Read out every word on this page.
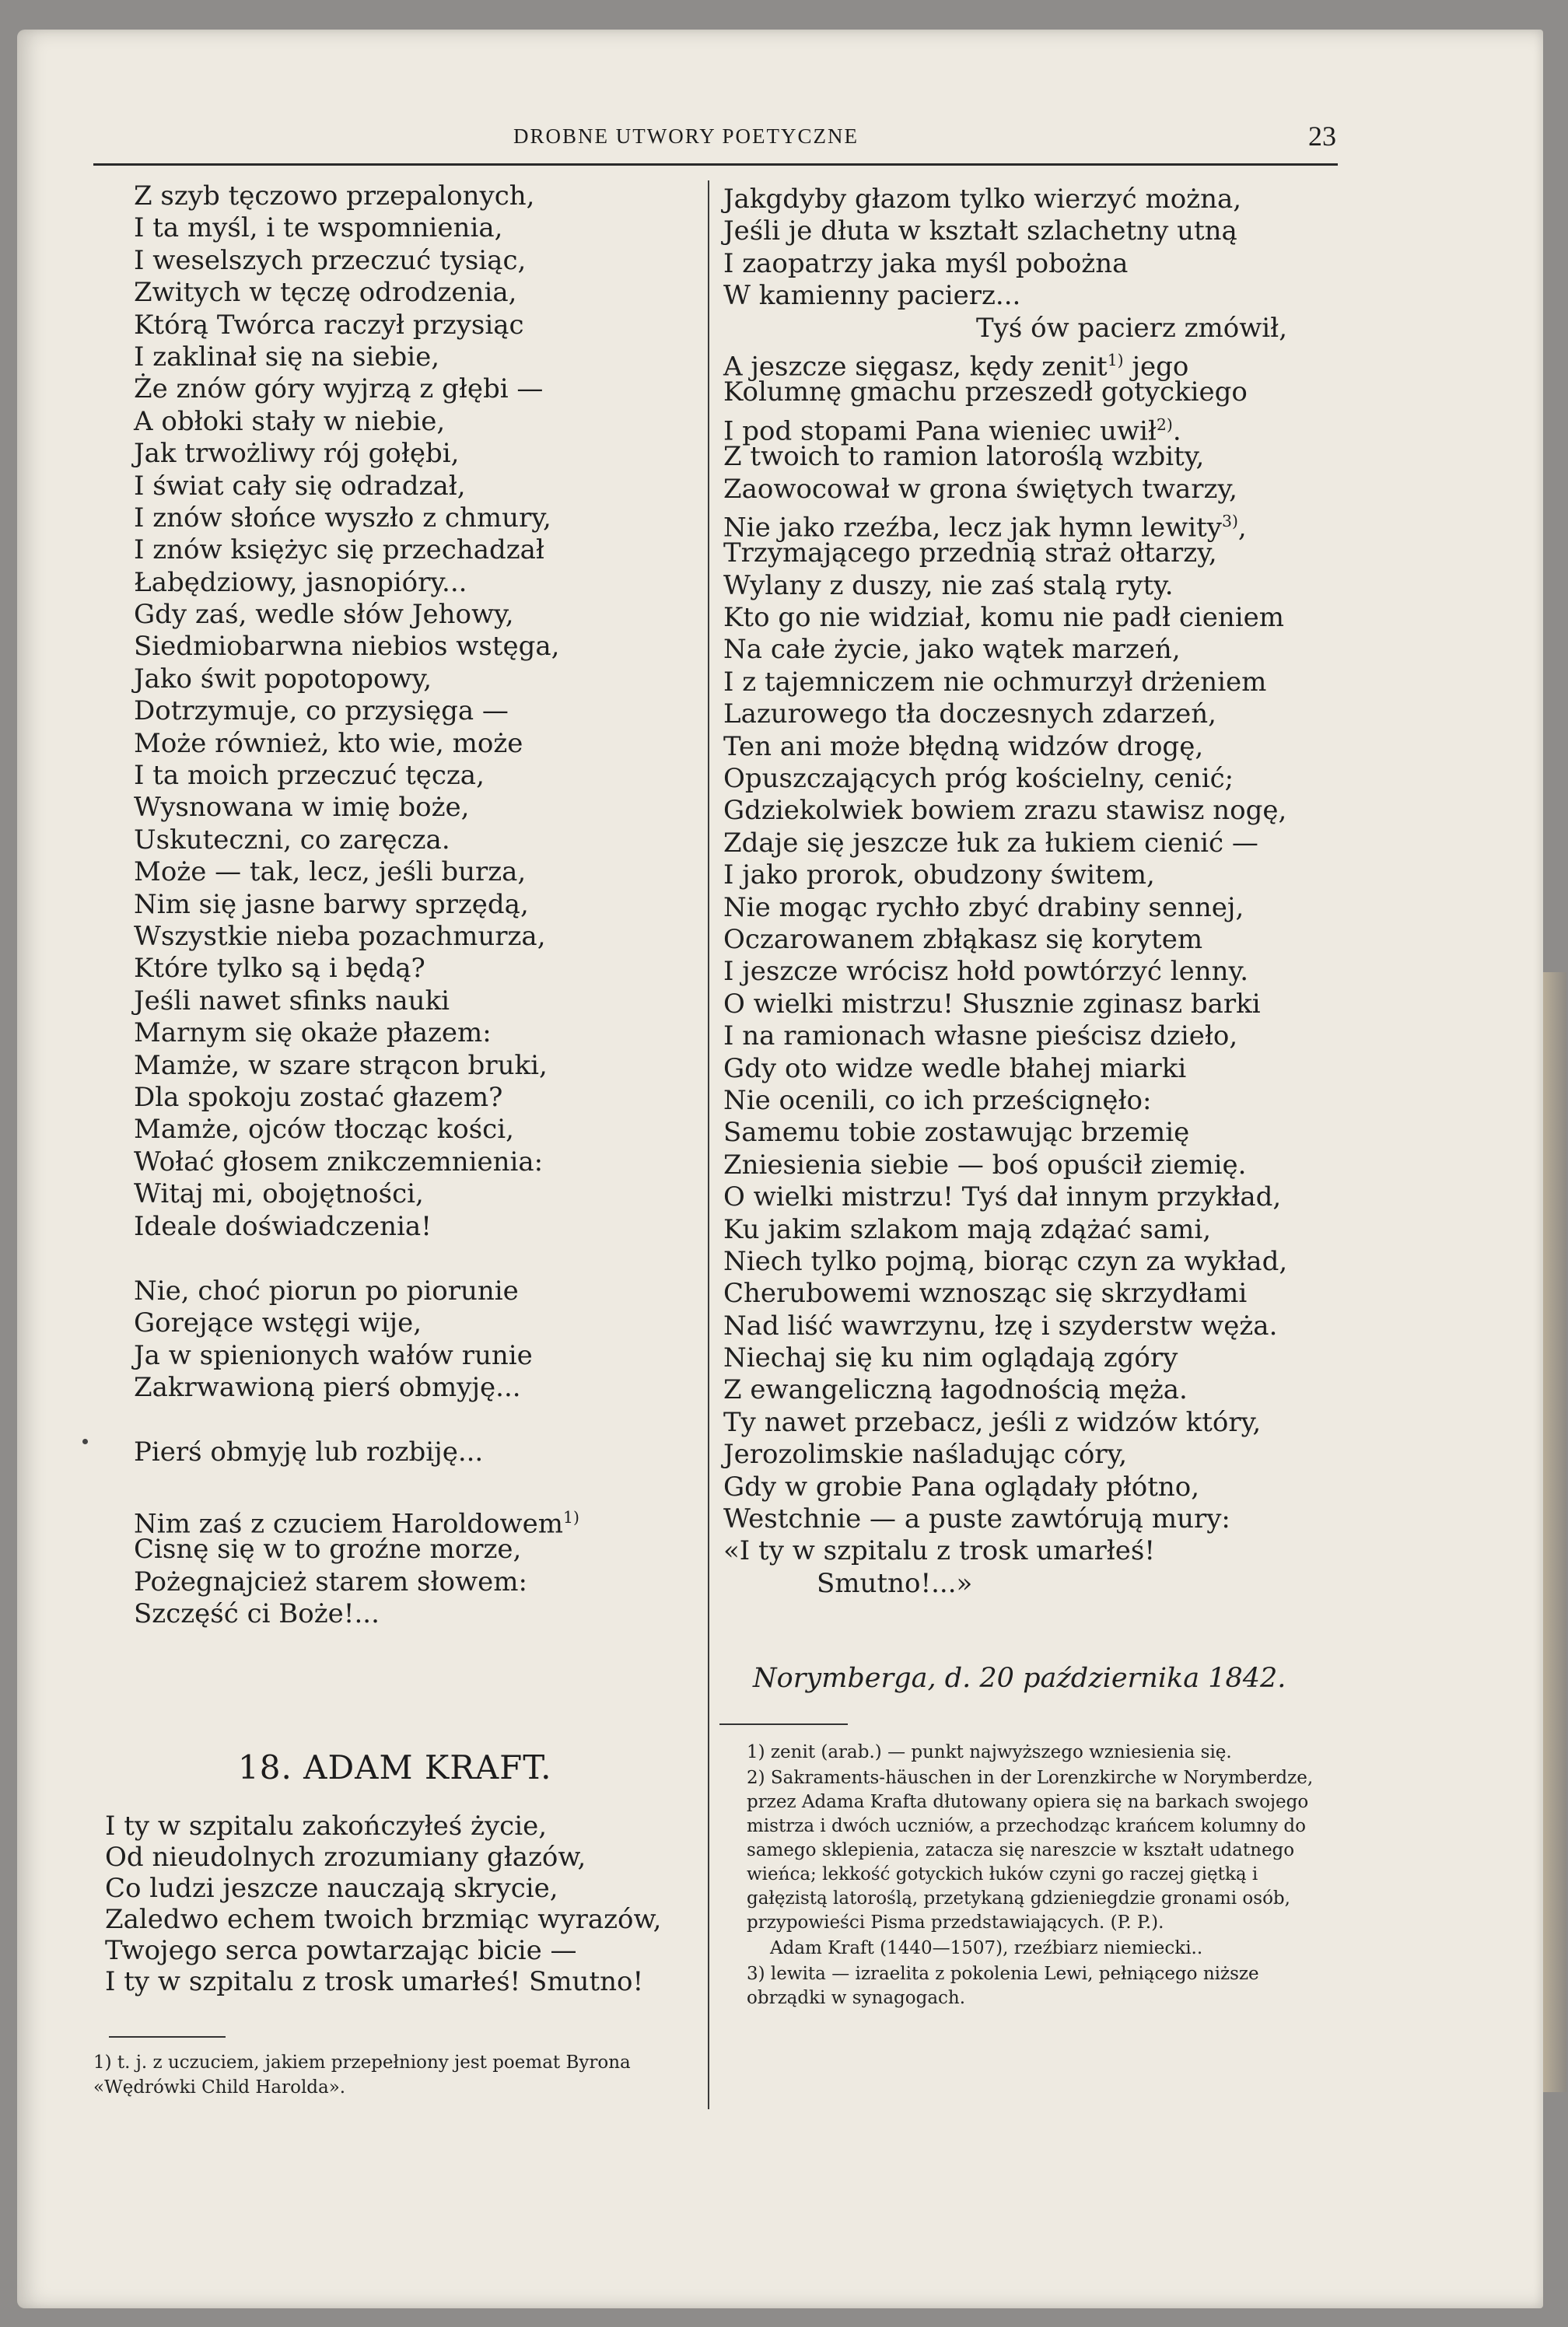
DROBNE UTWORY POETYCZNE	23
Z szyb tęczowo przepalonych,
I ta myśl, i te wspomnienia,
I weselszych przeczuć tysiąc,
Zwitych w tęczę odrodzenia,
Którą Twórca raczył przysiąc
I zaklinał się na siebie,
Że znów góry wyjrzą z głębi —
A obłoki stały w niebie,
Jak trwożliwy rój gołębi,
I świat cały się odradzał,
I znów słońce wyszło z chmury,
I znów księżyc się przechadzał
Łabędziowy, jasnopióry...
Gdy zaś, wedle słów Jehowy,
Siedmiobarwna niebios wstęga,
Jako świt popotopowy,
Dotrzymuje, co przysięga —
Może również, kto wie, może
I ta moich przeczuć tęcza,
Wysnowana w imię boże,
Uskuteczni, co zaręcza.
Może — tak, lecz, jeśli burza,
Nim się jasne barwy sprzędą,
Wszystkie nieba pozachmurza,
Które tylko są i będą?
Jeśli nawet sfinks nauki
Marnym się okaże płazem:
Mamże, w szare strącon bruki,
Dla spokoju zostać głazem?
Mamże, ojców tłocząc kości,
Wołać głosem znikczemnienia:
Witaj mi, obojętności,
Ideale doświadczenia!
Nie, choć piorun po piorunie
Gorejące wstęgi wije,
Ja w spienionych wałów runie
Zakrwawioną pierś obmyję...
Pierś obmyję lub rozbiję...
Nim zaś z czuciem Haroldowem$^{1)}$
Cisnę się w to groźne morze,
Pożegnajcież starem słowem:
Szczęść ci Boże!...
18. ADAM KRAFT.
I ty w szpitalu zakończyłeś życie,
Od nieudolnych zrozumiany głazów,
Co ludzi jeszcze nauczają skrycie,
Zaledwo echem twoich brzmiąc wyrazów,
Twojego serca powtarzając bicie —
I ty w szpitalu z trosk umarłeś! Smutno!

1) t. j. z uczuciem, jakiem przepełniony jest poemat Byrona «Wędrówki Child Harolda».

Jakgdyby głazom tylko wierzyć można,
Jeśli je dłuta w kształt szlachetny utną
I zaopatrzy jaka myśl pobożna
W kamienny pacierz...
Tyś ów pacierz zmówił,
A jeszcze sięgasz, kędy zenit$^{1)}$ jego
Kolumnę gmachu przeszedł gotyckiego
I pod stopami Pana wieniec uwił$^{2)}$.
Z twoich to ramion latoroślą wzbity,
Zaowocował w grona świętych twarzy,
Nie jako rzeźba, lecz jak hymn lewity$^{3)}$,
Trzymającego przednią straż ołtarzy,
Wylany z duszy, nie zaś stalą ryty.
Kto go nie widział, komu nie padł cieniem
Na całe życie, jako wątek marzeń,
I z tajemniczem nie ochmurzył drżeniem
Lazurowego tła doczesnych zdarzeń,
Ten ani może błędną widzów drogę,
Opuszczających próg kościelny, cenić;
Gdziekolwiek bowiem zrazu stawisz nogę,
Zdaje się jeszcze łuk za łukiem cienić —
I jako prorok, obudzony świtem,
Nie mogąc rychło zbyć drabiny sennej,
Oczarowanem zbłąkasz się korytem
I jeszcze wrócisz hołd powtórzyć lenny.
O wielki mistrzu! Słusznie zginasz barki
I na ramionach własne pieścisz dzieło,
Gdy oto widze wedle błahej miarki
Nie ocenili, co ich prześcignęło:
Samemu tobie zostawując brzemię
Zniesienia siebie — boś opuścił ziemię.
O wielki mistrzu! Tyś dał innym przykład,
Ku jakim szlakom mają zdążać sami,
Niech tylko pojmą, biorąc czyn za wykład,
Cherubowemi wznosząc się skrzydłami
Nad liść wawrzynu, łzę i szyderstw węża.
Niechaj się ku nim oglądają zgóry
Z ewangeliczną łagodnością męża.
Ty nawet przebacz, jeśli z widzów który,
Jerozolimskie naśladując córy,
Gdy w grobie Pana oglądały płótno,
Westchnie — a puste zawtórują mury:
«I ty w szpitalu z trosk umarłeś!
Smutno!...»
Norymberga, d. 20 października 1842.

1) zenit (arab.) — punkt najwyższego wzniesienia się.

2) Sakraments-häuschen in der Lorenzkirche w Norymberdze, przez Adama Krafta dłutowany opiera się na barkach swojego mistrza i dwóch uczniów, a przechodząc krańcem kolumny do samego sklepienia, zatacza się nareszcie w kształt udatnego wieńca; lekkość gotyckich łuków czyni go raczej giętką i gałęzistą latoroślą, przetykaną gdzieniegdzie gronami osób, przypowieści Pisma przedstawiających. (P. P.).

Adam Kraft (1440—1507), rzeźbiarz niemiecki..

3) lewita — izraelita z pokolenia Lewi, pełniącego niższe obrządki w synagogach.
